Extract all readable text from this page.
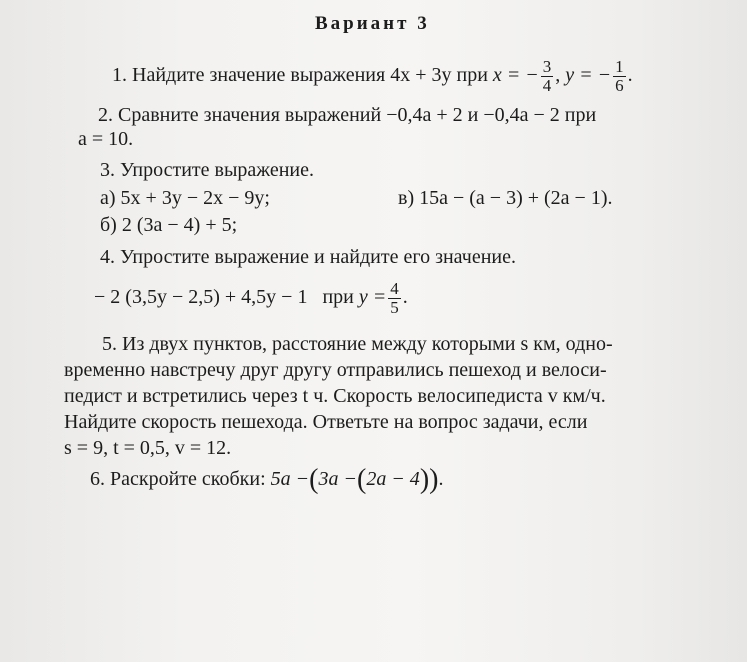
Вариант 3
1. Найдите значение выражения 4x + 3y при x = − $\frac{3}{4}$ , y = − $\frac{1}{6}$ .
2. Сравните значения выражений −0,4a + 2 и −0,4a − 2 при
a = 10.
3. Упростите выражение.
а) 5x + 3y − 2x − 9y;	в) 15a − (a − 3) + (2a − 1).
б) 2 (3a − 4) + 5;
4. Упростите выражение и найдите его значение.
− 2 (3,5y − 2,5) + 4,5y − 1 при $y = \frac{4}{5}$ .
5. Из двух пунктов, расстояние между которыми s км, одно-
временно навстречу друг другу отправились пешеход и велоси-
педист и встретились через t ч. Скорость велосипедиста v км/ч.
Найдите скорость пешехода. Ответьте на вопрос задачи, если
s = 9, t = 0,5, v = 12.
6. Раскройте скобки: 5a −(3a −(2a − 4)).
